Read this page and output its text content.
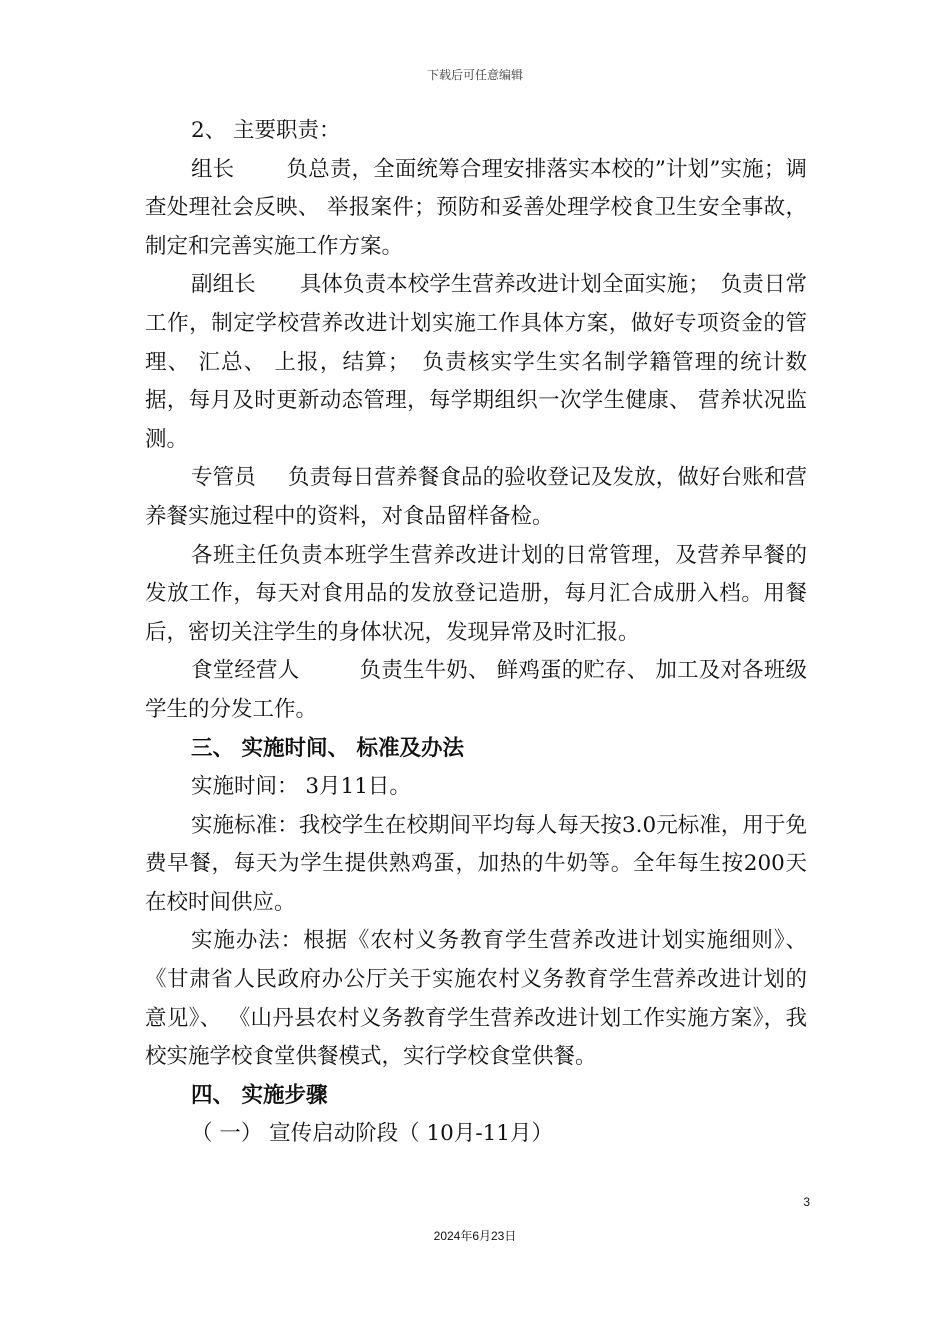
下载后可任意编辑

2、 主要职责：

组长 负总责，全面统筹合理安排落实本校的”计划”实施；调查处理社会反映、 举报案件；预防和妥善处理学校食卫生安全事故，制定和完善实施工作方案。

副组长 具体负责本校学生营养改进计划全面实施；　负责日常工作，制定学校营养改进计划实施工作具体方案，做好专项资金的管理、 汇总、 上报，结算；　负责核实学生实名制学籍管理的统计数据，每月及时更新动态管理，每学期组织一次学生健康、 营养状况监测。

专管员 负责每日营养餐食品的验收登记及发放，做好台账和营养餐实施过程中的资料，对食品留样备检。

各班主任负责本班学生营养改进计划的日常管理，及营养早餐的发放工作，每天对食用品的发放登记造册，每月汇合成册入档。用餐后，密切关注学生的身体状况，发现异常及时汇报。

食堂经营人	负责生牛奶、 鲜鸡蛋的贮存、 加工及对各班级学生的分发工作。

三、 实施时间、 标准及办法

实施时间： 3月11日。

实施标准：我校学生在校期间平均每人每天按3.0元标准，用于免费早餐，每天为学生提供熟鸡蛋，加热的牛奶等。全年每生按200天在校时间供应。

实施办法：根据《农村义务教育学生营养改进计划实施细则》、 《甘肃省人民政府办公厅关于实施农村义务教育学生营养改进计划的意见》、 《山丹县农村义务教育学生营养改进计划工作实施方案》，我校实施学校食堂供餐模式，实行学校食堂供餐。

四、 实施步骤

（ 一） 宣传启动阶段（ 10月-11月）

3
2024年6月23日
